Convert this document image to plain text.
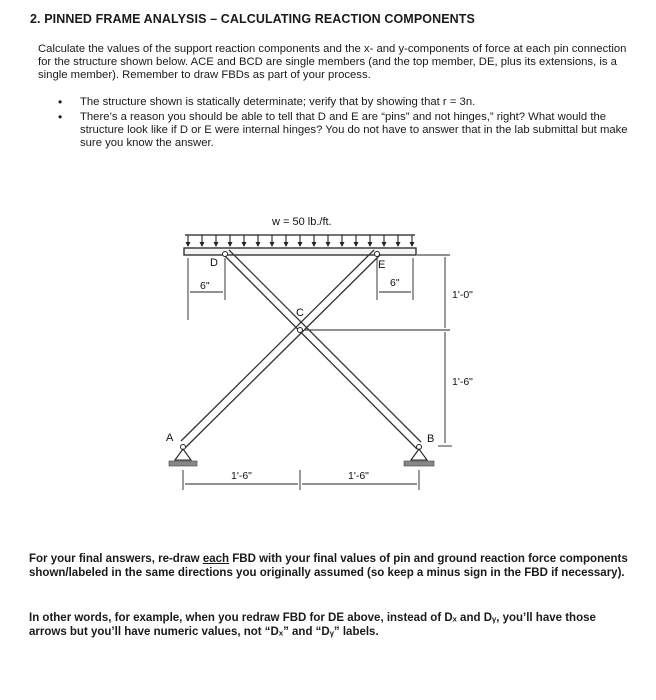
2. PINNED FRAME ANALYSIS – CALCULATING REACTION COMPONENTS
Calculate the values of the support reaction components and the x- and y-components of force at each pin connection for the structure shown below. ACE and BCD are single members (and the top member, DE, plus its extensions, is a single member). Remember to draw FBDs as part of your process.
• The structure shown is statically determinate; verify that by showing that r = 3n.
• There’s a reason you should be able to tell that D and E are “pins” and not hinges,” right? What would the structure look like if D or E were internal hinges? You do not have to answer that in the lab submittal but make sure you know the answer.
w = 50 lb./ft.
D	E
C
A	B
6"	6"
1'-0"
1'-6"
1'-6"	1'-6"
For your final answers, re-draw each FBD with your final values of pin and ground reaction force components shown/labeled in the same directions you originally assumed (so keep a minus sign in the FBD if necessary).
In other words, for example, when you redraw FBD for DE above, instead of Dₓ and Dᵧ, you’ll have those arrows but you’ll have numeric values, not “Dₓ” and “Dᵧ” labels.
